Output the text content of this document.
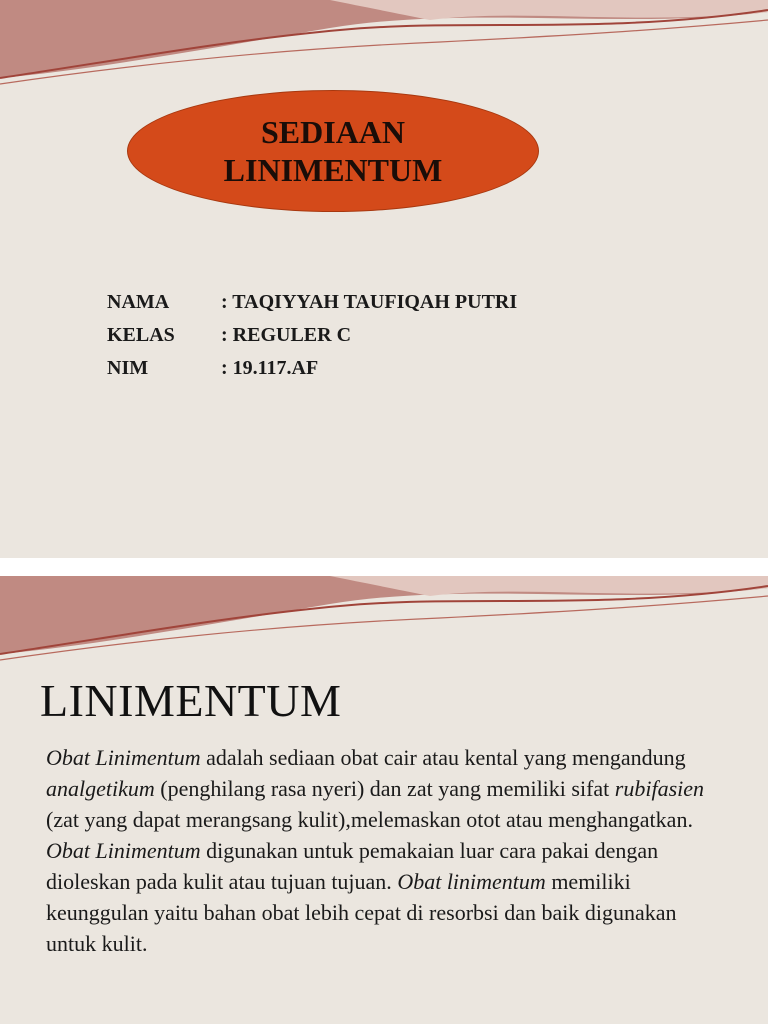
SEDIAAN LINIMENTUM
NAMA	: TAQIYYAH TAUFIQAH PUTRI
KELAS	: REGULER C
NIM	: 19.117.AF
LINIMENTUM
Obat Linimentum adalah sediaan obat cair atau kental yang mengandung analgetikum (penghilang rasa nyeri) dan zat yang memiliki sifat rubifasien (zat yang dapat merangsang kulit),melemaskan otot atau menghangatkan. Obat Linimentum digunakan untuk pemakaian luar cara pakai dengan dioleskan pada kulit atau tujuan tujuan. Obat linimentum memiliki keunggulan yaitu bahan obat lebih cepat di resorbsi dan baik digunakan untuk kulit.
